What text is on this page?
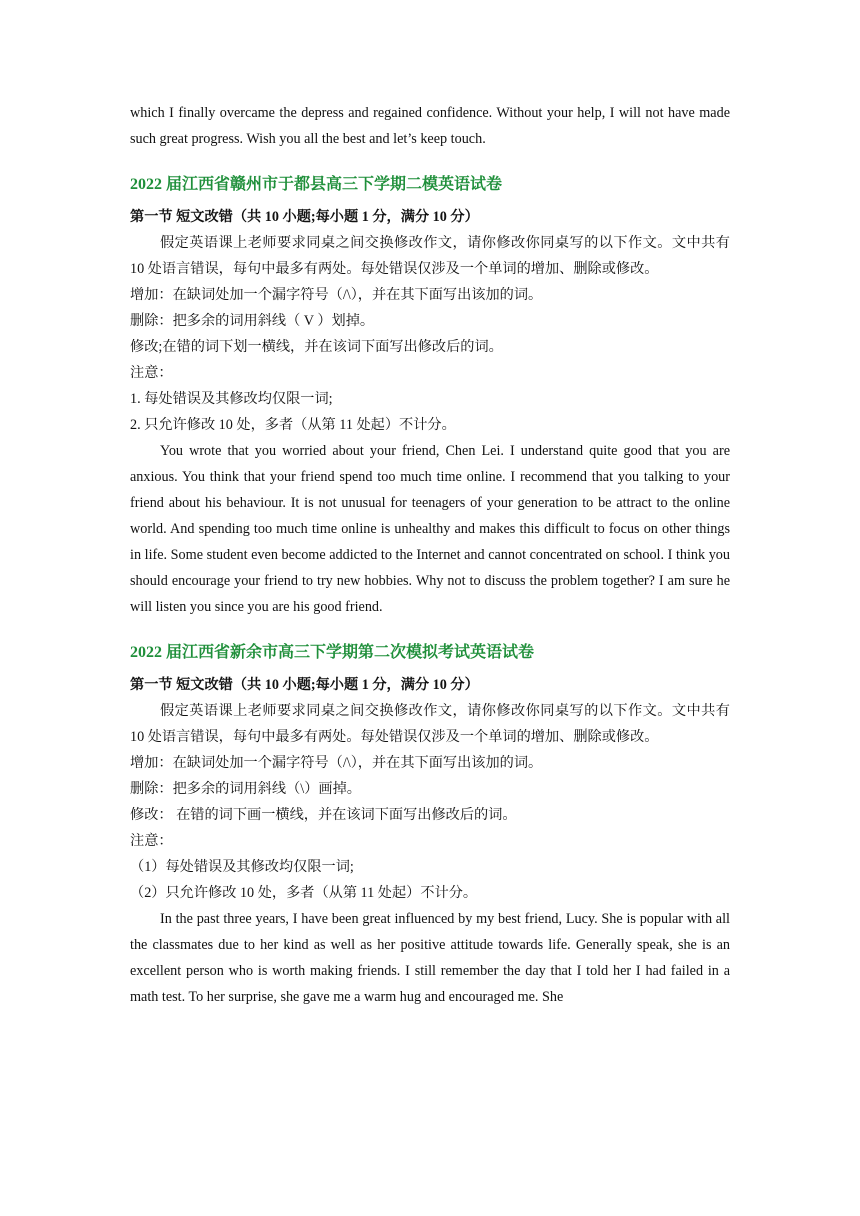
which I finally overcame the depress and regained confidence. Without your help, I will not have made such great progress. Wish you all the best and let’s keep touch.

2022 届江西省赣州市于都县高三下学期二模英语试卷

第一节 短文改错（共 10 小题;每小题 1 分，满分 10 分）

假定英语课上老师要求同桌之间交换修改作文，请你修改你同桌写的以下作文。文中共有 10 处语言错误，每句中最多有两处。每处错误仅涉及一个单词的增加、删除或修改。

增加：在缺词处加一个漏字符号（/\），并在其下面写出该加的词。

删除：把多余的词用斜线（ V ）划掉。

修改;在错的词下划一横线，并在该词下面写出修改后的词。

注意：

1. 每处错误及其修改均仅限一词;

2. 只允许修改 10 处，多者（从第 11 处起）不计分。

You wrote that you worried about your friend, Chen Lei. I understand quite good that you are anxious. You think that your friend spend too much time online. I recommend that you talking to your friend about his behaviour. It is not unusual for teenagers of your generation to be attract to the online world. And spending too much time online is unhealthy and makes this difficult to focus on other things in life. Some student even become addicted to the Internet and cannot concentrated on school. I think you should encourage your friend to try new hobbies. Why not to discuss the problem together? I am sure he will listen you since you are his good friend.

2022 届江西省新余市高三下学期第二次模拟考试英语试卷

第一节 短文改错（共 10 小题;每小题 1 分，满分 10 分）

假定英语课上老师要求同桌之间交换修改作文，请你修改你同桌写的以下作文。文中共有 10 处语言错误，每句中最多有两处。每处错误仅涉及一个单词的增加、删除或修改。

增加：在缺词处加一个漏字符号（/\），并在其下面写出该加的词。

删除：把多余的词用斜线（\）画掉。

修改： 在错的词下画一横线，并在该词下面写出修改后的词。

注意：

（1）每处错误及其修改均仅限一词;

（2）只允许修改 10 处，多者（从第 11 处起）不计分。

In the past three years, I have been great influenced by my best friend, Lucy. She is popular with all the classmates due to her kind as well as her positive attitude towards life. Generally speak, she is an excellent person who is worth making friends. I still remember the day that I told her I had failed in a math test. To her surprise, she gave me a warm hug and encouraged me. She
